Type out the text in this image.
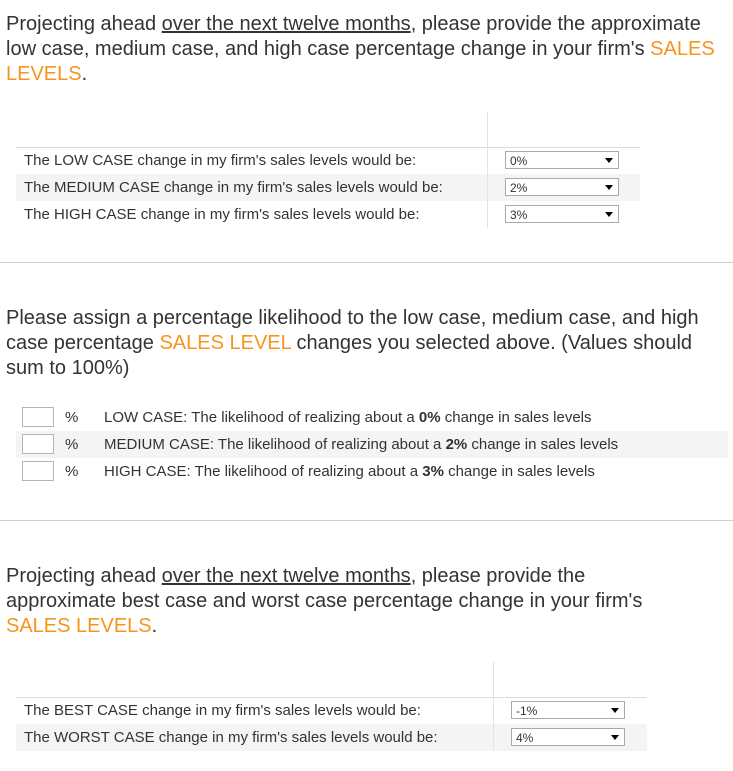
Projecting ahead over the next twelve months, please provide the approximate low case, medium case, and high case percentage change in your firm's SALES LEVELS.
The LOW CASE change in my firm's sales levels would be:	0%
The MEDIUM CASE change in my firm's sales levels would be:	2%
The HIGH CASE change in my firm's sales levels would be:	3%
Please assign a percentage likelihood to the low case, medium case, and high case percentage SALES LEVEL changes you selected above. (Values should sum to 100%)
% LOW CASE: The likelihood of realizing about a 0% change in sales levels
% MEDIUM CASE: The likelihood of realizing about a 2% change in sales levels
% HIGH CASE: The likelihood of realizing about a 3% change in sales levels
Projecting ahead over the next twelve months, please provide the approximate best case and worst case percentage change in your firm's SALES LEVELS.
The BEST CASE change in my firm's sales levels would be:	-1%
The WORST CASE change in my firm's sales levels would be:	4%
